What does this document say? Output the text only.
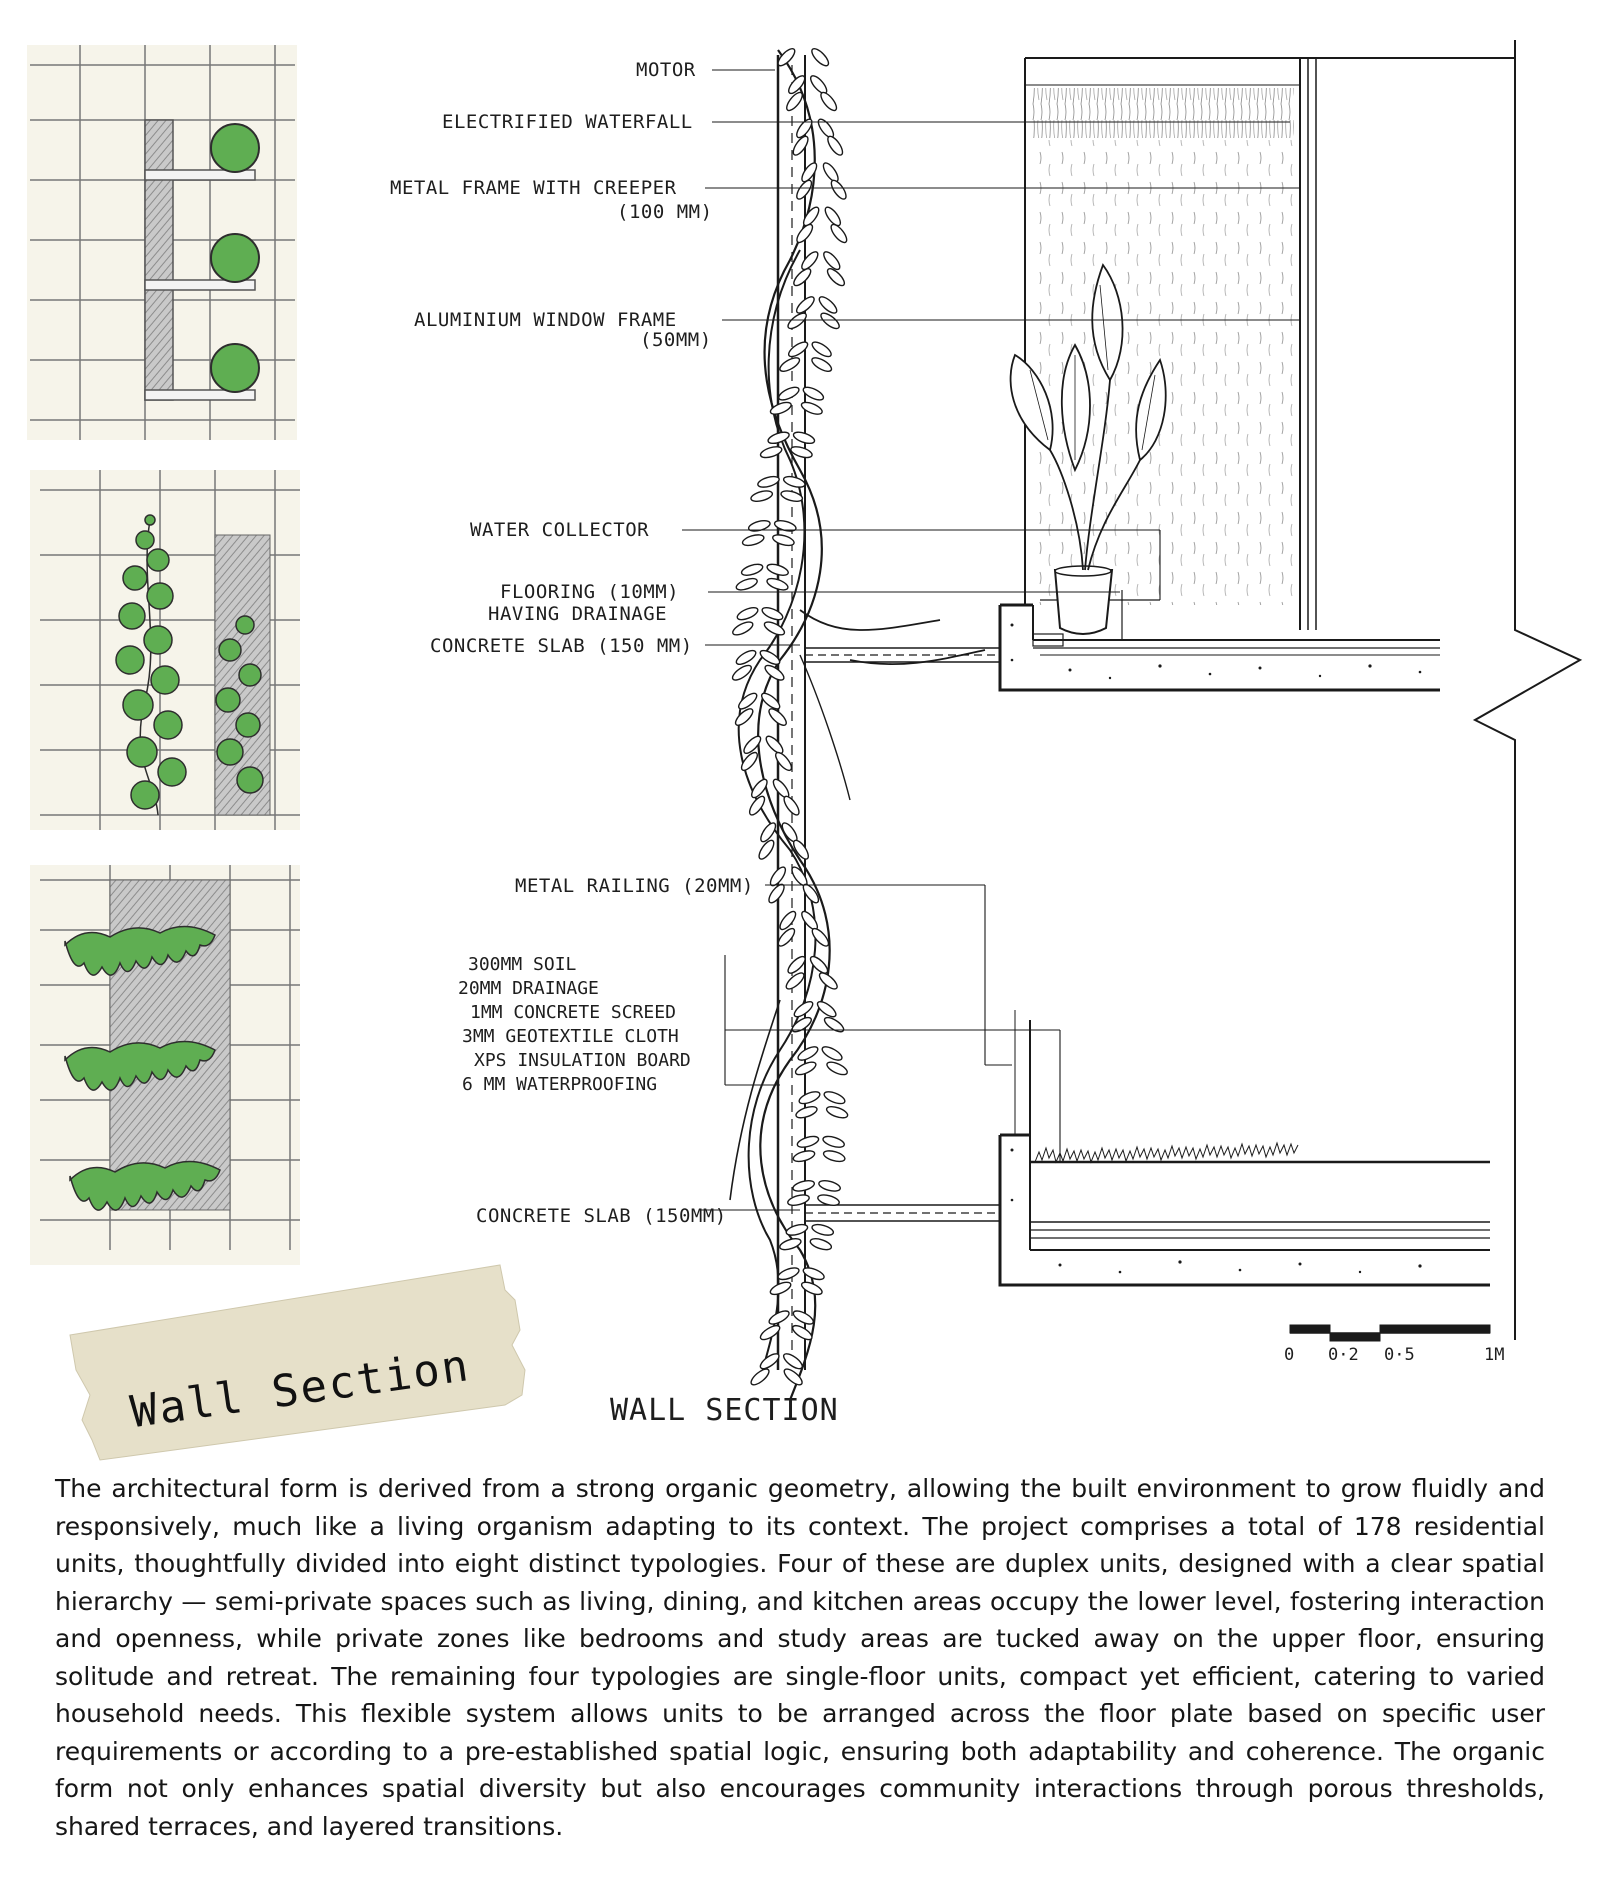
MOTOR
ELECTRIFIED WATERFALL
METAL FRAME WITH CREEPER
(100 MM)
ALUMINIUM WINDOW FRAME
(50MM)
WATER COLLECTOR
FLOORING (10MM)
HAVING DRAINAGE
CONCRETE SLAB (150 MM)
METAL RAILING (20MM)
300MM SOIL
20MM DRAINAGE
1MM CONCRETE SCREED
3MM GEOTEXTILE CLOTH
XPS INSULATION BOARD
6 MM WATERPROOFING
CONCRETE SLAB (150MM)
0 0·2 0·5	1M
WALL SECTION
Wall Section

The architectural form is derived from a strong organic geometry, allowing the built environment to grow fluidly and responsively, much like a living organism adapting to its context. The project comprises a total of 178 residential units, thoughtfully divided into eight distinct typologies. Four of these are duplex units, designed with a clear spatial hierarchy — semi-private spaces such as living, dining, and kitchen areas occupy the lower level, fostering interaction and openness, while private zones like bedrooms and study areas are tucked away on the upper floor, ensuring solitude and retreat. The remaining four typologies are single-floor units, compact yet efficient, catering to varied household needs. This flexible system allows units to be arranged across the floor plate based on specific user requirements or according to a pre-established spatial logic, ensuring both adaptability and coherence. The organic form not only enhances spatial diversity but also encourages community interactions through porous thresholds, shared terraces, and layered transitions.
